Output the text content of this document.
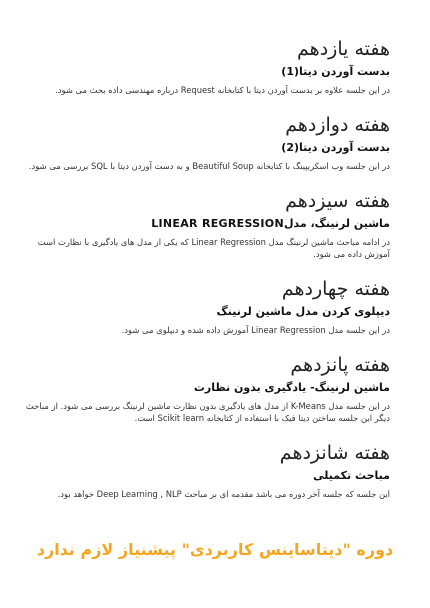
هفته یازدهم
بدست آوردن دیتا(1)

در این جلسه علاوه بر بدست آوردن دیتا با کتابخانه Request درباره مهندسی داده بحث می شود.

هفته دوازدهم
بدست آوردن دیتا(2)

در این جلسه وب اسکریپینگ با کتابخانه Beautiful Soup و به دست آوردن دیتا با SQL بررسی می شود.

هفته سیزدهم
ماشین لرنینگ، مدلLINEAR REGRESSION

در ادامه مباحث ماشین لرنینگ مدل Linear Regression که یکی از مدل های یادگیری با نظارت است آموزش داده می شود.

هفته چهاردهم
دیپلوی کردن مدل ماشین لرنینگ

در این جلسه مدل Linear Regression آموزش داده شده و دیپلوی می شود.

هفته پانزدهم
ماشین لرنینگ- یادگیری بدون نظارت

در این جلسه مدل K-Means از مدل های یادگیری بدون نظارت ماشین لرنینگ بررسی می شود. از مباحث دیگر این جلسه ساختن دیتا فیک با استفاده از کتابخانه Scikit learn است.

هفته شانزدهم
مباحث تکمیلی

این جلسه که جلسه آخر دوره می باشد مقدمه ای بر مباحث Deep Learning , NLP خواهد بود.

دوره "دیتاساینس کاربردی" پیشنیاز لازم ندارد
